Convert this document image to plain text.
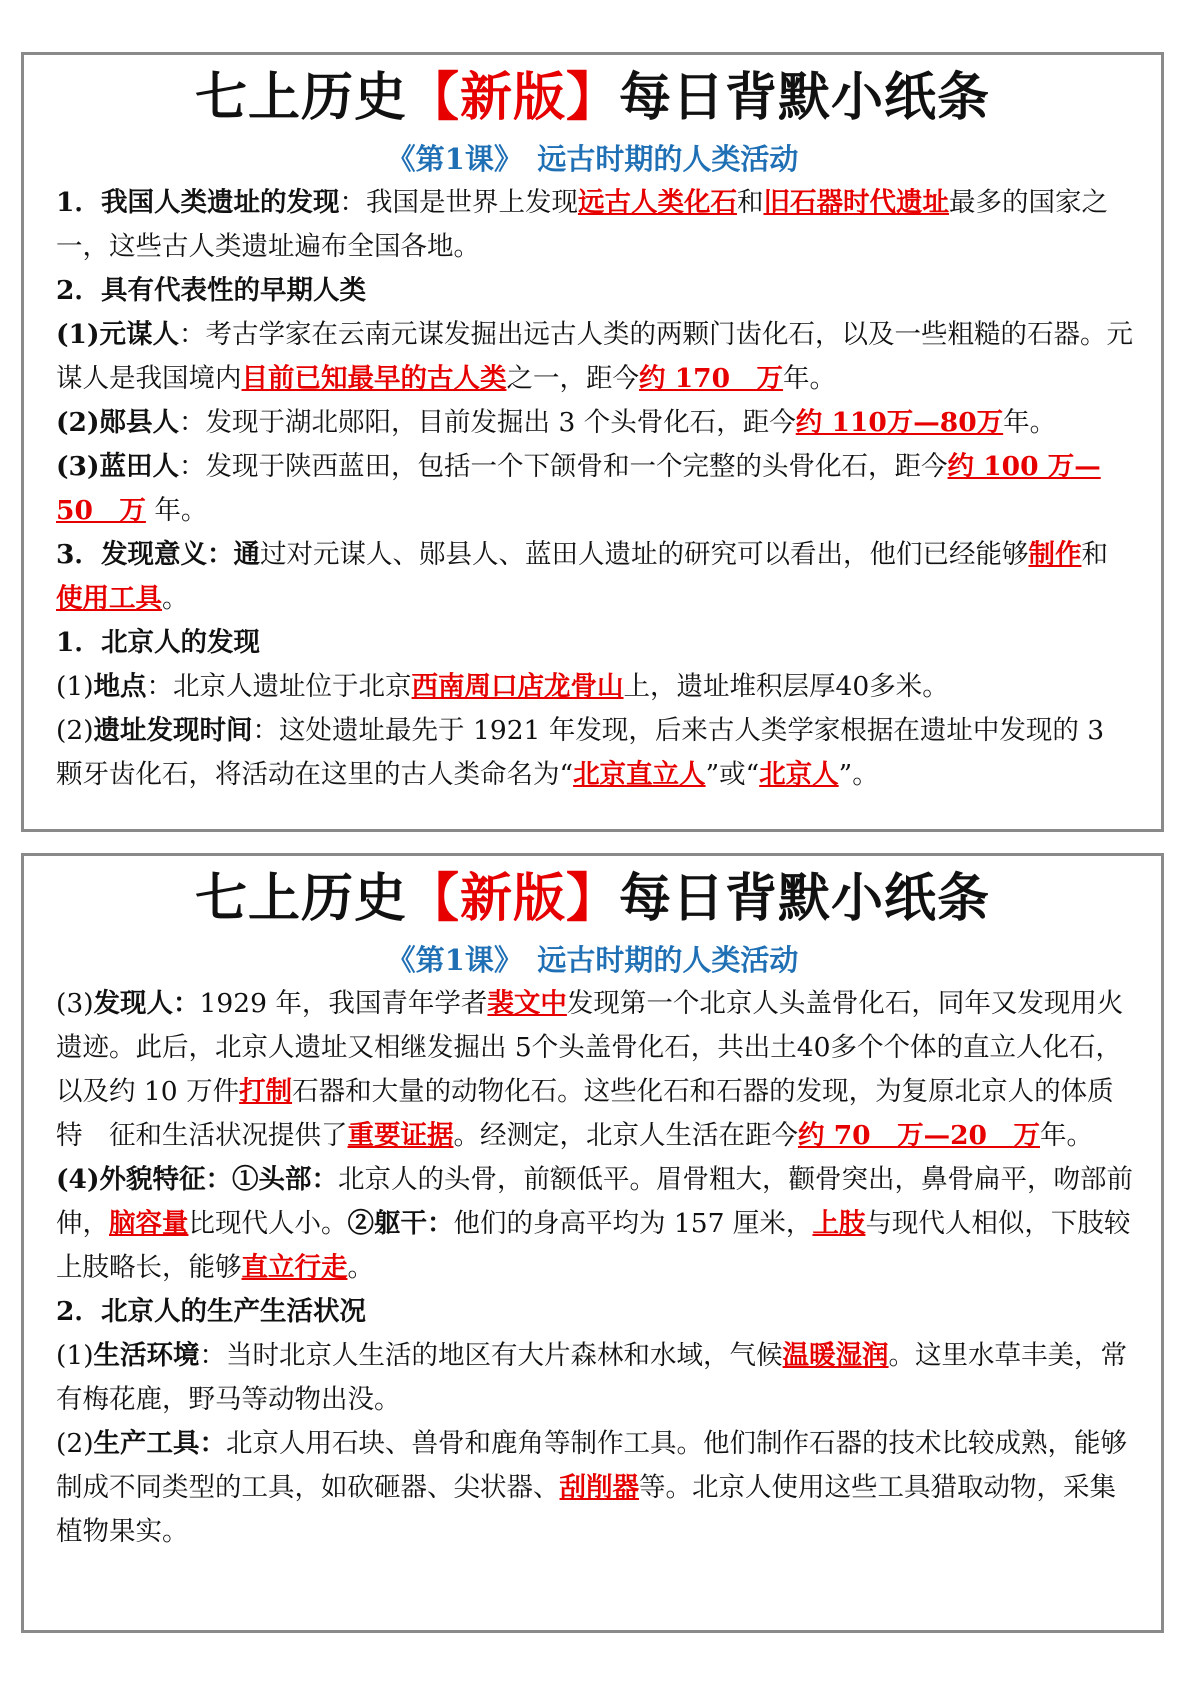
七上历史【新版】每日背默小纸条
《第1课》　远古时期的人类活动

1．我国人类遗址的发现：我国是世界上发现远古人类化石和旧石器时代遗址最多的国家之一，这些古人类遗址遍布全国各地。

2．具有代表性的早期人类

(1)元谋人：考古学家在云南元谋发掘出远古人类的两颗门齿化石，以及一些粗糙的石器。元谋人是我国境内目前已知最早的古人类之一，距今约 170　万年。

(2)郧县人：发现于湖北郧阳，目前发掘出 3 个头骨化石，距今约 110万—80万年。

(3)蓝田人：发现于陕西蓝田，包括一个下颌骨和一个完整的头骨化石，距今约 100 万—50　万 年。

3．发现意义：通过对元谋人、郧县人、蓝田人遗址的研究可以看出，他们已经能够制作和使用工具。

1．北京人的发现

(1)地点：北京人遗址位于北京西南周口店龙骨山上，遗址堆积层厚40多米。

(2)遗址发现时间：这处遗址最先于 1921 年发现，后来古人类学家根据在遗址中发现的 3 颗牙齿化石，将活动在这里的古人类命名为“北京直立人”或“北京人”。

七上历史【新版】每日背默小纸条
《第1课》　远古时期的人类活动

(3)发现人：1929 年，我国青年学者裴文中发现第一个北京人头盖骨化石，同年又发现用火遗迹。此后，北京人遗址又相继发掘出 5个头盖骨化石，共出土40多个个体的直立人化石， 以及约 10 万件打制石器和大量的动物化石。这些化石和石器的发现，为复原北京人的体质特　征和生活状况提供了重要证据。经测定，北京人生活在距今约 70　万—20　万年。

(4)外貌特征：①头部：北京人的头骨，前额低平。眉骨粗大，颧骨突出，鼻骨扁平，吻部前伸，脑容量比现代人小。②躯干：他们的身高平均为 157 厘米，上肢与现代人相似，下肢较上肢略长，能够直立行走。

2．北京人的生产生活状况

(1)生活环境：当时北京人生活的地区有大片森林和水域，气候温暖湿润。这里水草丰美，常有梅花鹿，野马等动物出没。

(2)生产工具：北京人用石块、兽骨和鹿角等制作工具。他们制作石器的技术比较成熟，能够 制成不同类型的工具，如砍砸器、尖状器、刮削器等。北京人使用这些工具猎取动物，采集植物果实。
